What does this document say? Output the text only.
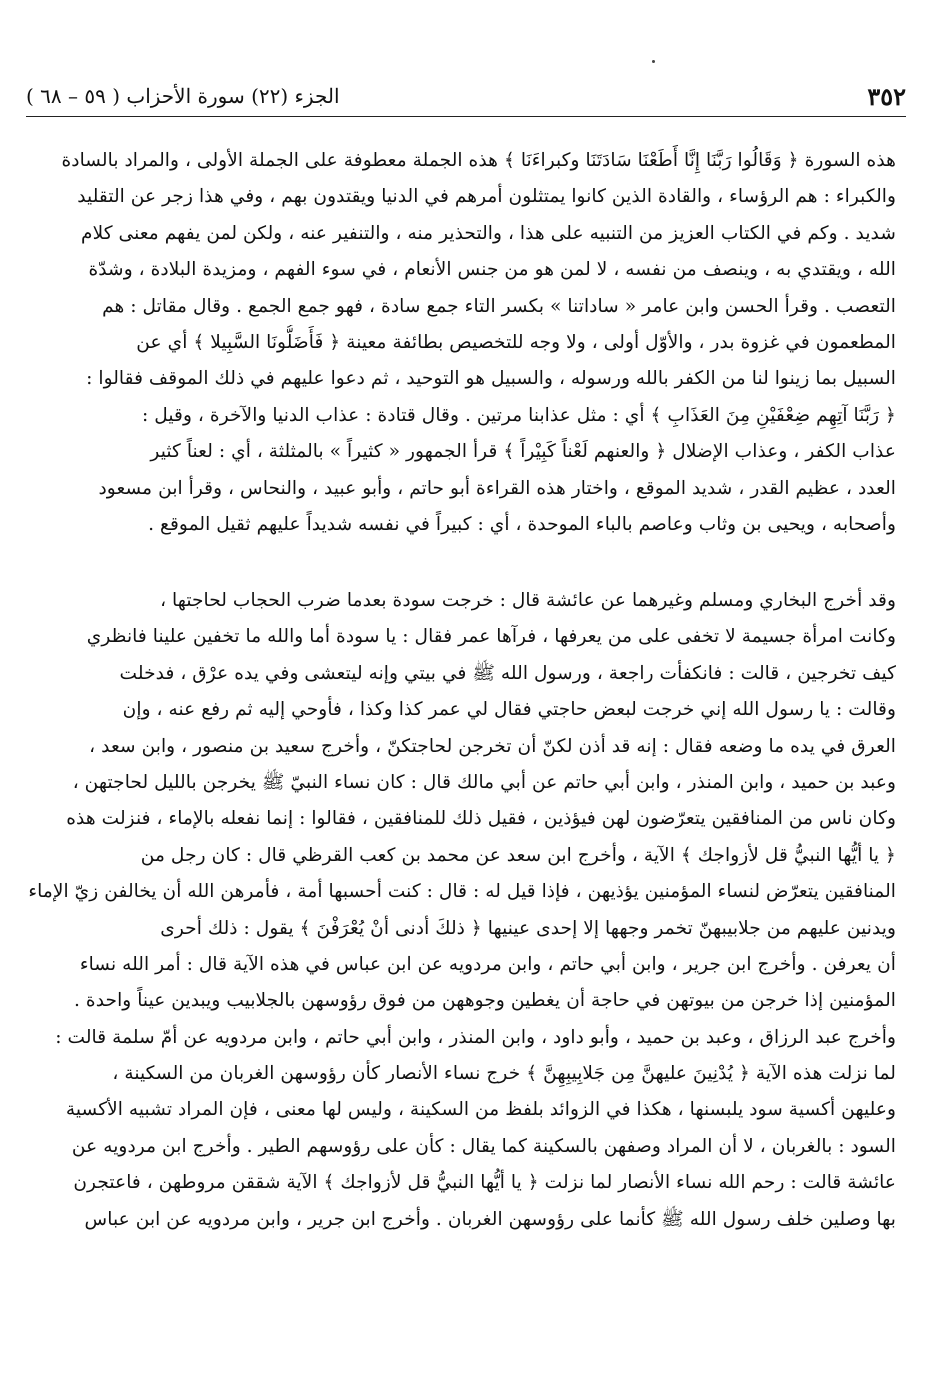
٣٥٢
الجزء (٢٢) سورة الأحزاب ( ٥٩ – ٦٨ )
هذه السورة ﴿ وَقَالُوا رَبَّنَا إِنَّا أَطَعْنَا سَادَتَنَا وكبراءَنَا ﴾ هذه الجملة معطوفة على الجملة الأولى ، والمراد بالسادة
والكبراء : هم الرؤساء ، والقادة الذين كانوا يمتثلون أمرهم في الدنيا ويقتدون بهم ، وفي هذا زجر عن التقليد
شديد . وكم في الكتاب العزيز من التنبيه على هذا ، والتحذير منه ، والتنفير عنه ، ولكن لمن يفهم معنى كلام
الله ، ويقتدي به ، وينصف من نفسه ، لا لمن هو من جنس الأنعام ، في سوء الفهم ، ومزيدة البلادة ، وشدّة
التعصب . وقرأ الحسن وابن عامر « ساداتنا » بكسر التاء جمع سادة ، فهو جمع الجمع . وقال مقاتل : هم
المطعمون في غزوة بدر ، والأوّل أولى ، ولا وجه للتخصيص بطائفة معينة ﴿ فَأَضَلُّونَا السَّبِيلا ﴾ أي عن
السبيل بما زينوا لنا من الكفر بالله ورسوله ، والسبيل هو التوحيد ، ثم دعوا عليهم في ذلك الموقف فقالوا :
﴿ رَبَّنَا آتِهِم ضِعْفَيْنِ مِنَ العَذَابِ ﴾ أي : مثل عذابنا مرتين . وقال قتادة : عذاب الدنيا والآخرة ، وقيل :
عذاب الكفر ، وعذاب الإضلال ﴿ والعنهم لَعْناً كَبِيْراً ﴾ قرأ الجمهور « كثيراً » بالمثلثة ، أي : لعناً كثير
العدد ، عظيم القدر ، شديد الموقع ، واختار هذه القراءة أبو حاتم ، وأبو عبيد ، والنحاس ، وقرأ ابن مسعود
وأصحابه ، ويحيى بن وثاب وعاصم بالباء الموحدة ، أي : كبيراً في نفسه شديداً عليهم ثقيل الموقع .
وقد أخرج البخاري ومسلم وغيرهما عن عائشة قال : خرجت سودة بعدما ضرب الحجاب لحاجتها ،
وكانت امرأة جسيمة لا تخفى على من يعرفها ، فرآها عمر فقال : يا سودة أما والله ما تخفين علينا فانظري
كيف تخرجين ، قالت : فانكفأت راجعة ، ورسول الله ﷺ في بيتي وإنه ليتعشى وفي يده عرْق ، فدخلت
وقالت : يا رسول الله إني خرجت لبعض حاجتي فقال لي عمر كذا وكذا ، فأوحي إليه ثم رفع عنه ، وإن
العرق في يده ما وضعه فقال : إنه قد أذن لكنّ أن تخرجن لحاجتكنّ ، وأخرج سعيد بن منصور ، وابن سعد ،
وعبد بن حميد ، وابن المنذر ، وابن أبي حاتم عن أبي مالك قال : كان نساء النبيّ ﷺ يخرجن بالليل لحاجتهن ،
وكان ناس من المنافقين يتعرّضون لهن فيؤذين ، فقيل ذلك للمنافقين ، فقالوا : إنما نفعله بالإماء ، فنزلت هذه
﴿ يا أيُّها النبيُّ قل لأزواجك ﴾ الآية ، وأخرج ابن سعد عن محمد بن كعب القرظي قال : كان رجل من
المنافقين يتعرّض لنساء المؤمنين يؤذيهن ، فإذا قيل له : قال : كنت أحسبها أمة ، فأمرهن الله أن يخالفن زيّ الإماء
ويدنين عليهم من جلابيبهنّ تخمر وجهها إلا إحدى عينيها ﴿ ذلكَ أدنى أنْ يُعْرَفْنَ ﴾ يقول : ذلك أحرى
أن يعرفن . وأخرج ابن جرير ، وابن أبي حاتم ، وابن مردويه عن ابن عباس في هذه الآية قال : أمر الله نساء
المؤمنين إذا خرجن من بيوتهن في حاجة أن يغطين وجوههن من فوق رؤوسهن بالجلابيب ويبدين عيناً واحدة .
وأخرج عبد الرزاق ، وعبد بن حميد ، وأبو داود ، وابن المنذر ، وابن أبي حاتم ، وابن مردويه عن أمّ سلمة قالت :
لما نزلت هذه الآية ﴿ يُدْنِينَ عليهنَّ مِن جَلابِيبِهِنَّ ﴾ خرج نساء الأنصار كأن رؤوسهن الغربان من السكينة ،
وعليهن أكسية سود يلبسنها ، هكذا في الزوائد بلفظ من السكينة ، وليس لها معنى ، فإن المراد تشبيه الأكسية
السود : بالغربان ، لا أن المراد وصفهن بالسكينة كما يقال : كأن على رؤوسهم الطير . وأخرج ابن مردويه عن
عائشة قالت : رحم الله نساء الأنصار لما نزلت ﴿ يا أيُّها النبيُّ قل لأزواجك ﴾ الآية شققن مروطهن ، فاعتجرن
بها وصلين خلف رسول الله ﷺ كأنما على رؤوسهن الغربان . وأخرج ابن جرير ، وابن مردويه عن ابن عباس
